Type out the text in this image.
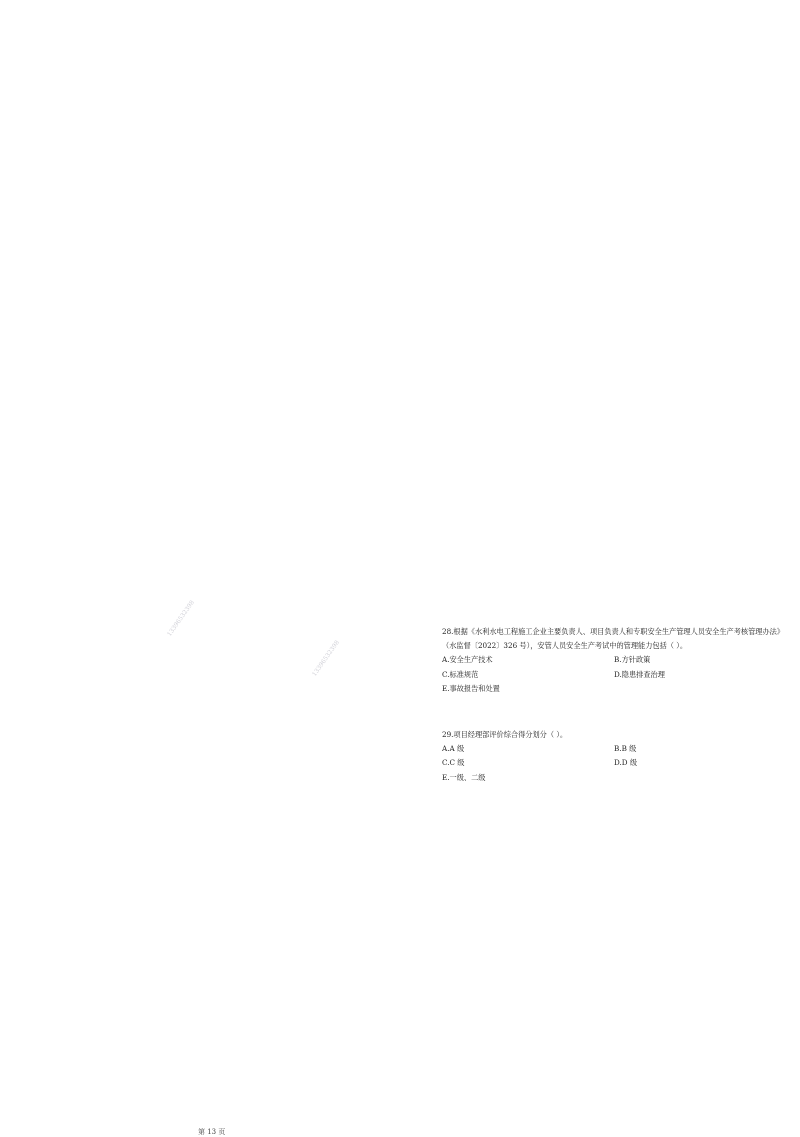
13396532398
13396532398
第 13 页

28.根据《水利水电工程施工企业主要负责人、项目负责人和专职安全生产管理人员安全生产考核管理办法》（水监督〔2022〕326 号），安管人员安全生产考试中的管理能力包括（ ）。

A.安全生产技术	B.方针政策
C.标准规范	D.隐患排查治理
E.事故报告和处置

29.项目经理部评价综合得分划分（ ）。

A.A 级	B.B 级
C.C 级	D.D 级
E.一级、二级
